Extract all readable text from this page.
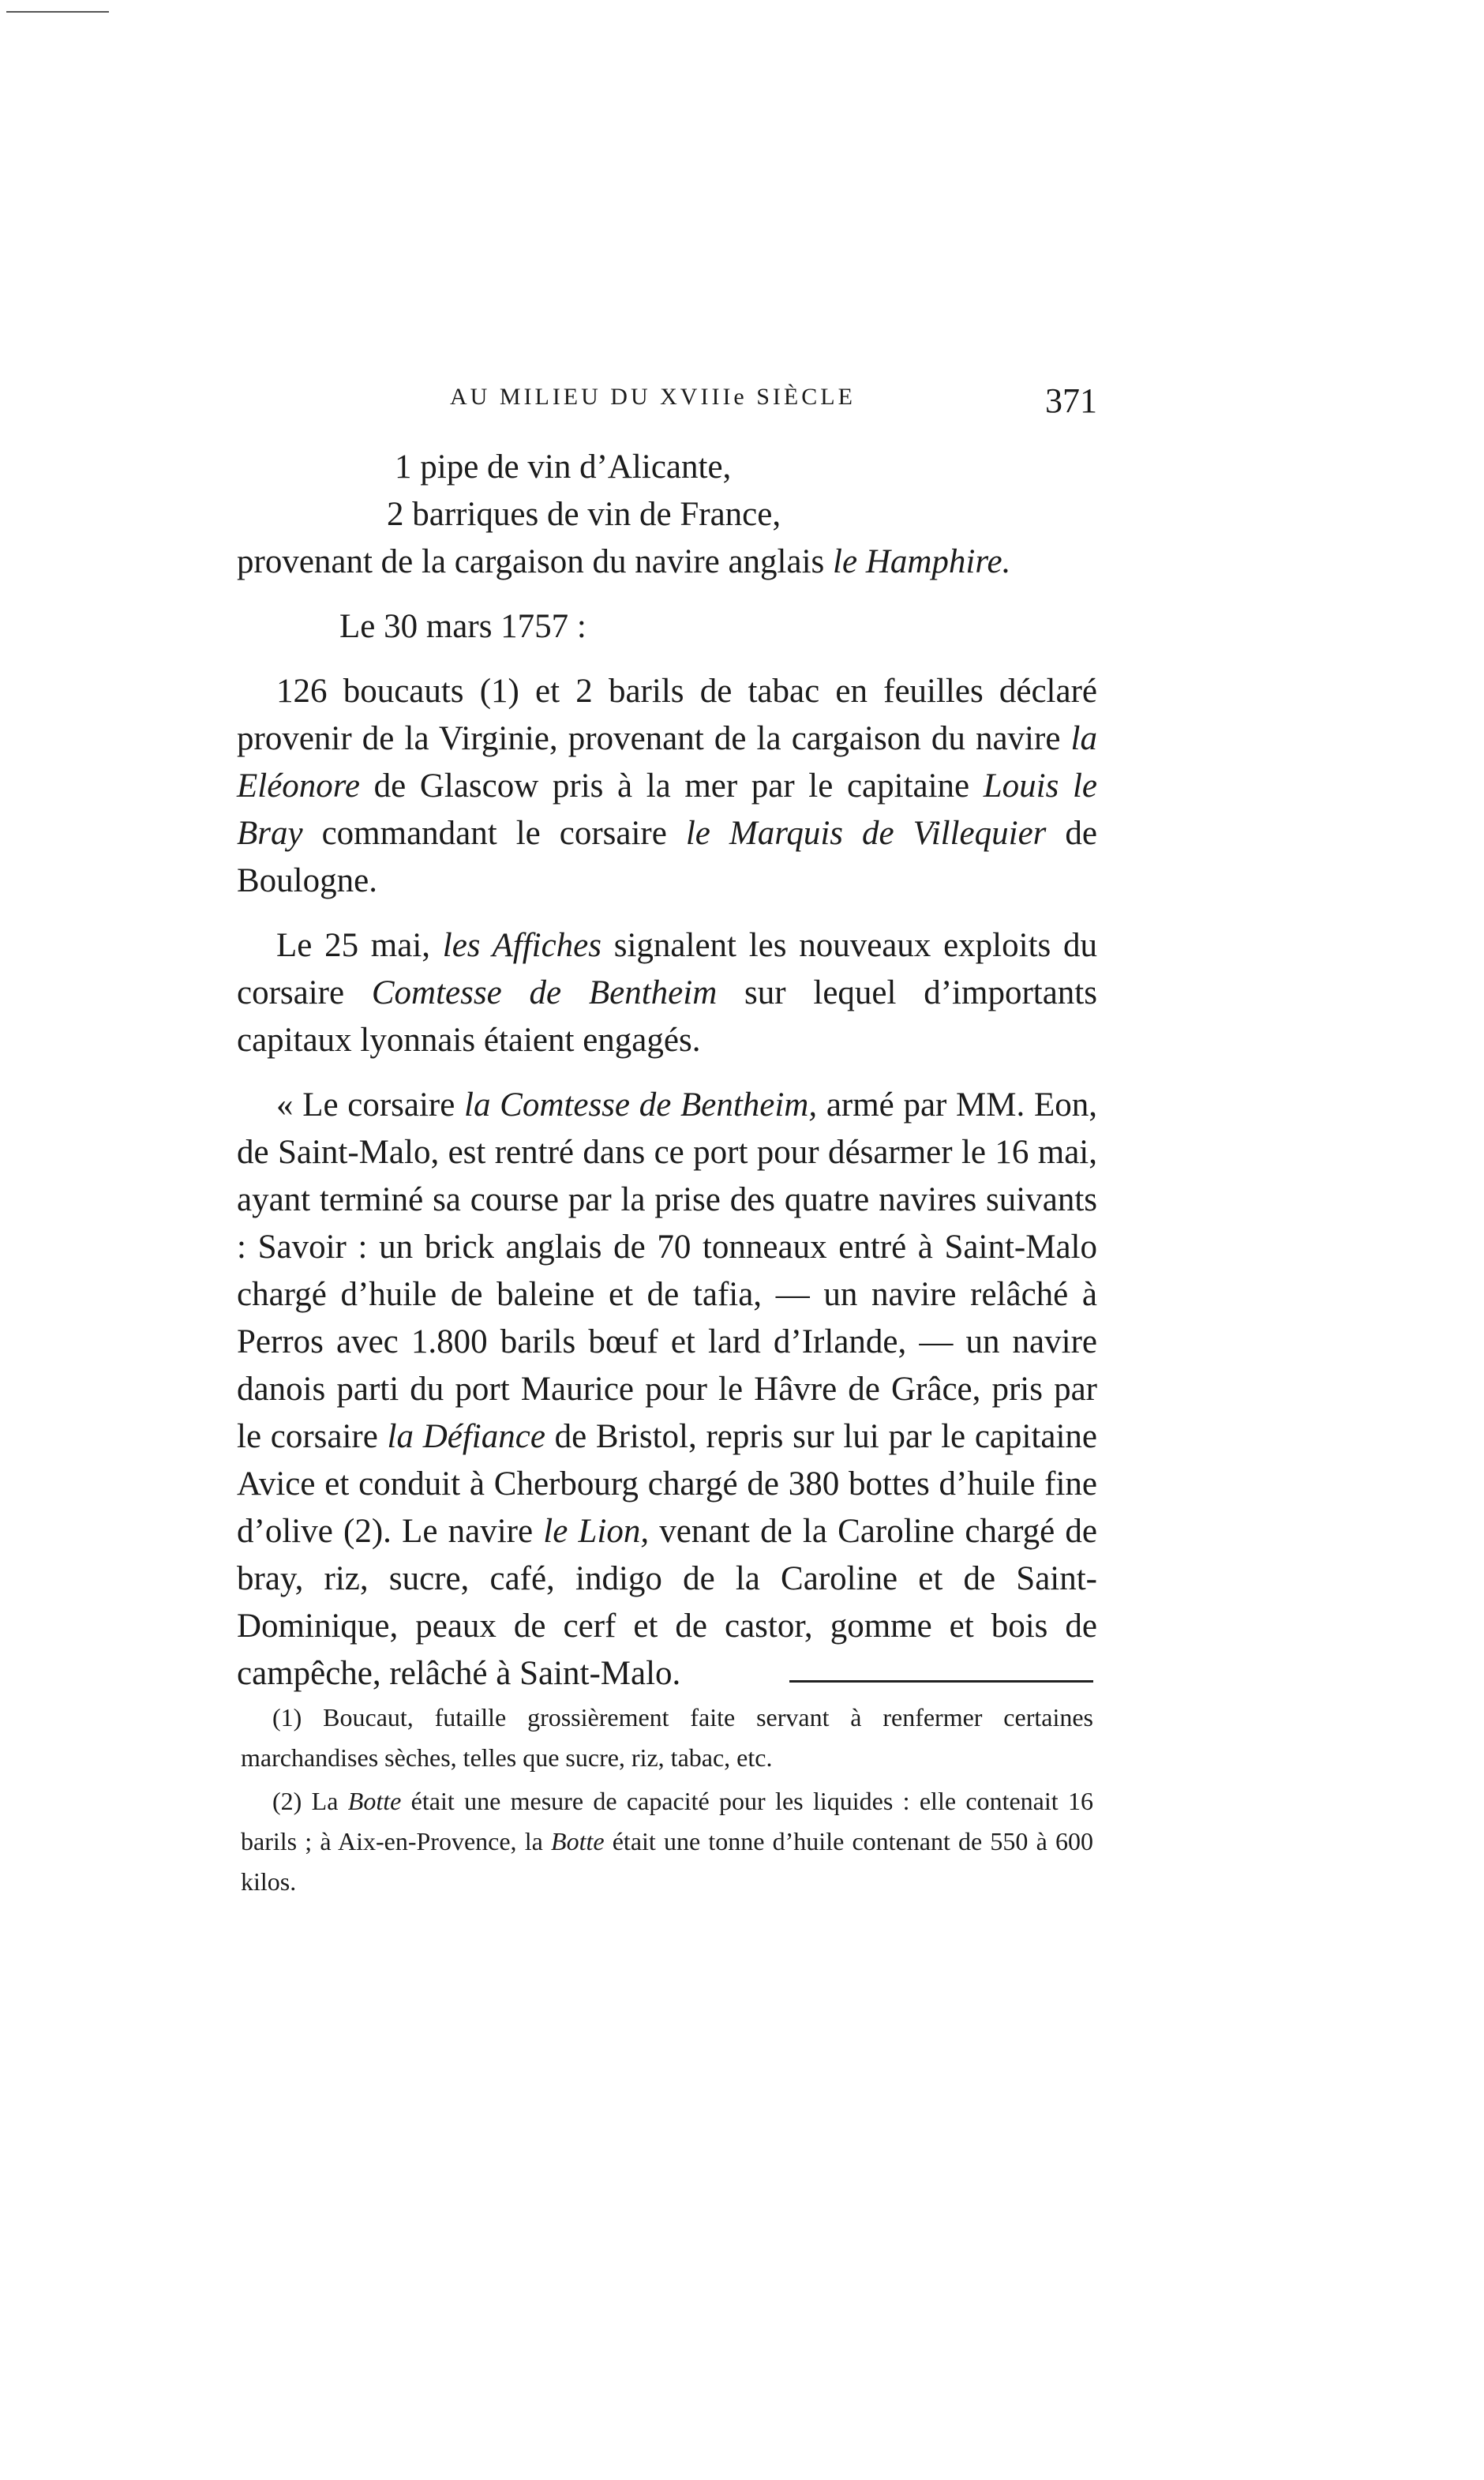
AU MILIEU DU XVIIIe SIÈCLE	371

1 pipe de vin d’Alicante,

2 barriques de vin de France,

provenant de la cargaison du navire anglais le Hamphire.

Le 30 mars 1757 :

126 boucauts (1) et 2 barils de tabac en feuilles déclaré provenir de la Virginie, provenant de la cargaison du navire la Eléonore de Glascow pris à la mer par le capitaine Louis le Bray commandant le corsaire le Marquis de Villequier de Boulogne.

Le 25 mai, les Affiches signalent les nouveaux exploits du corsaire Comtesse de Bentheim sur lequel d’importants capitaux lyonnais étaient engagés.

« Le corsaire la Comtesse de Bentheim, armé par MM. Eon, de Saint-Malo, est rentré dans ce port pour désarmer le 16 mai, ayant terminé sa course par la prise des quatre navires suivants : Savoir : un brick anglais de 70 tonneaux entré à Saint-Malo chargé d’huile de baleine et de tafia, — un navire relâché à Perros avec 1.800 barils bœuf et lard d’Irlande, — un navire danois parti du port Maurice pour le Hâvre de Grâce, pris par le corsaire la Défiance de Bristol, repris sur lui par le capitaine Avice et conduit à Cherbourg chargé de 380 bottes d’huile fine d’olive (2). Le navire le Lion, venant de la Caroline chargé de bray, riz, sucre, café, indigo de la Caroline et de Saint-Dominique, peaux de cerf et de castor, gomme et bois de campêche, relâché à Saint-Malo.

(1) Boucaut, futaille grossièrement faite servant à renfermer certaines marchandises sèches, telles que sucre, riz, tabac, etc.

(2) La Botte était une mesure de capacité pour les liquides : elle contenait 16 barils ; à Aix-en-Provence, la Botte était une tonne d’huile contenant de 550 à 600 kilos.
